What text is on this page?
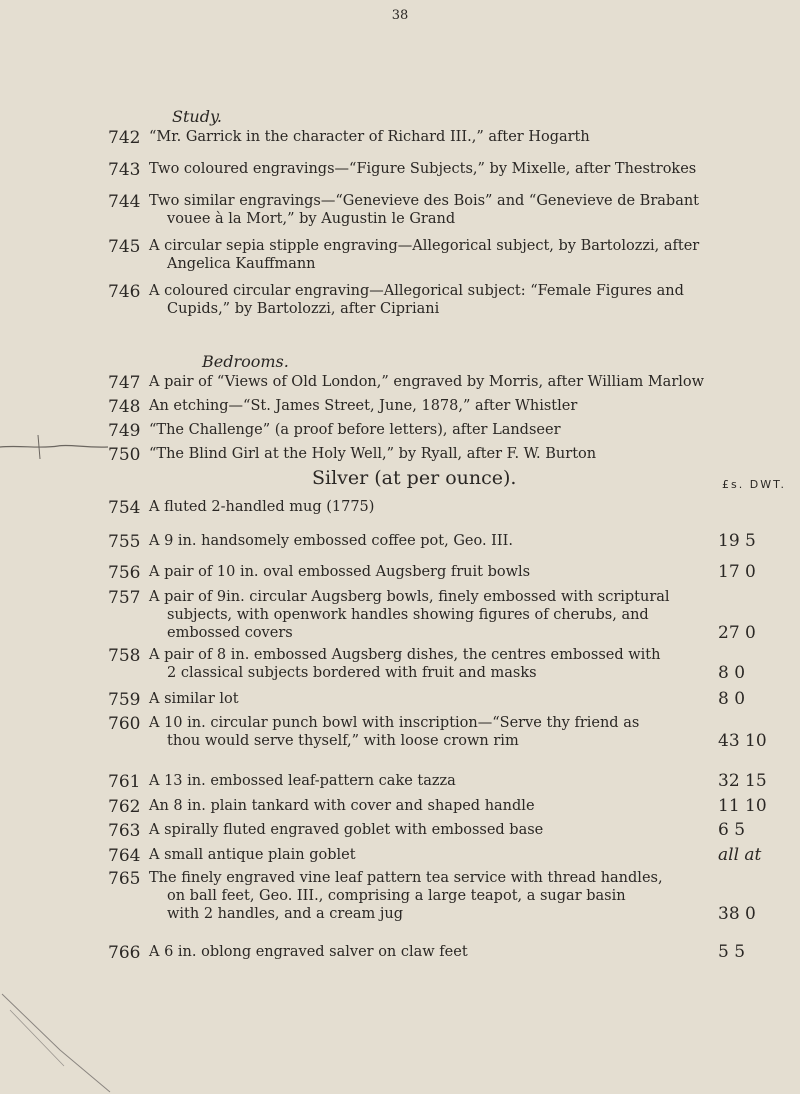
38
Study.
Bedrooms.
Silver (at per ounce).	£s. DWT.
742 “Mr. Garrick in the character of Richard III.,” after Hogarth
743 Two coloured engravings—“Figure Subjects,” by Mixelle, after Thestrokes
744 Two similar engravings—“Genevieve des Bois” and “Genevieve de Brabant
vouee à la Mort,” by Augustin le Grand
745 A circular sepia stipple engraving—Allegorical subject, by Bartolozzi, after
Angelica Kauffmann
746 A coloured circular engraving—Allegorical subject: “Female Figures and
Cupids,” by Bartolozzi, after Cipriani
747 A pair of “Views of Old London,” engraved by Morris, after William Marlow
748 An etching—“St. James Street, June, 1878,” after Whistler
749 “The Challenge” (a proof before letters), after Landseer
750 “The Blind Girl at the Holy Well,” by Ryall, after F. W. Burton
754 A fluted 2-handled mug (1775)
755 A 9 in. handsomely embossed coffee pot, Geo. III.	19 5
756 A pair of 10 in. oval embossed Augsberg fruit bowls	17 0
757 A pair of 9in. circular Augsberg bowls, finely embossed with scriptural
subjects, with openwork handles showing figures of cherubs, and
embossed covers	27 0
758 A pair of 8 in. embossed Augsberg dishes, the centres embossed with
2 classical subjects bordered with fruit and masks	8 0
759 A similar lot	8 0
760 A 10 in. circular punch bowl with inscription—“Serve thy friend as
thou would serve thyself,” with loose crown rim	43 10
761 A 13 in. embossed leaf-pattern cake tazza	32 15
762 An 8 in. plain tankard with cover and shaped handle	11 10
763 A spirally fluted engraved goblet with embossed base	6 5
764 A small antique plain goblet	all at
765 The finely engraved vine leaf pattern tea service with thread handles,
on ball feet, Geo. III., comprising a large teapot, a sugar basin
with 2 handles, and a cream jug	38 0
766 A 6 in. oblong engraved salver on claw feet	5 5
